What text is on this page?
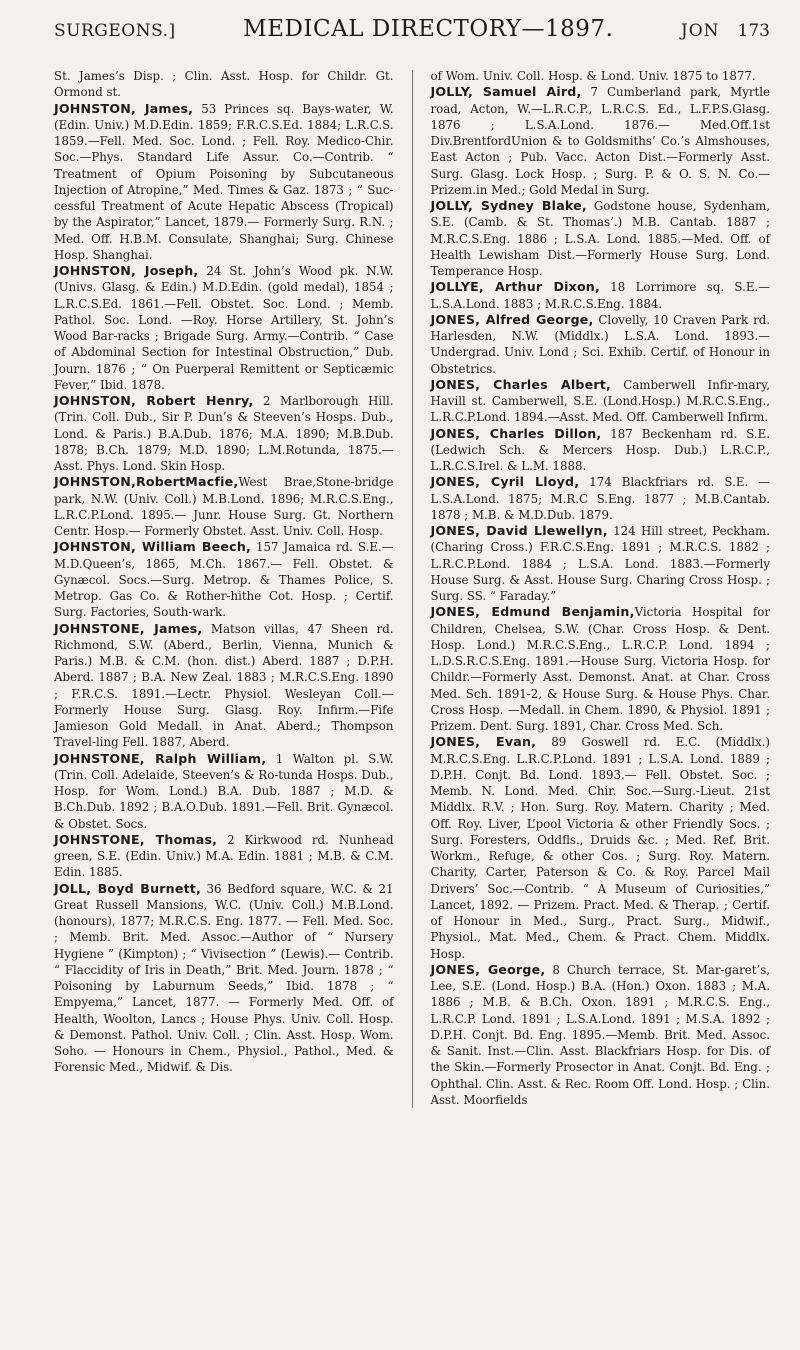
SURGEONS.]	MEDICAL DIRECTORY—1897.	JON 173

St. James’s Disp. ; Clin. Asst. Hosp. for Childr. Gt. Ormond st.

JOHNSTON, James, 53 Princes sq. Bays-water, W. (Edin. Univ.) M.D.Edin. 1859; F.R.C.S.Ed. 1884; L.R.C.S. 1859.—Fell. Med. Soc. Lond. ; Fell. Roy. Medico-Chir. Soc.—Phys. Standard Life Assur. Co.—Contrib. “ Treatment of Opium Poisoning by Subcutaneous Injection of Atropine,” Med. Times & Gaz. 1873 ; “ Suc-cessful Treatment of Acute Hepatic Abscess (Tropical) by the Aspirator,” Lancet, 1879.— Formerly Surg. R.N. ; Med. Off. H.B.M. Consulate, Shanghai; Surg. Chinese Hosp. Shanghai.

JOHNSTON, Joseph, 24 St. John’s Wood pk. N.W. (Univs. Glasg. & Edin.) M.D.Edin. (gold medal), 1854 ; L.R.C.S.Ed. 1861.—Fell. Obstet. Soc. Lond. ; Memb. Pathol. Soc. Lond. —Roy. Horse Artillery, St. John’s Wood Bar-racks ; Brigade Surg. Army.—Contrib. “ Case of Abdominal Section for Intestinal Obstruction,” Dub. Journ. 1876 ; “ On Puerperal Remittent or Septicæmic Fever,” Ibid. 1878.

JOHNSTON, Robert Henry, 2 Marlborough Hill. (Trin. Coll. Dub., Sir P. Dun’s & Steeven’s Hosps. Dub., Lond. & Paris.) B.A.Dub. 1876; M.A. 1890; M.B.Dub. 1878; B.Ch. 1879; M.D. 1890; L.M.Rotunda, 1875.—Asst. Phys. Lond. Skin Hosp.

JOHNSTON,RobertMacfie,West Brae,Stone-bridge park, N.W. (Univ. Coll.) M.B.Lond. 1896; M.R.C.S.Eng., L.R.C.P.Lond. 1895.— Junr. House Surg. Gt. Northern Centr. Hosp.— Formerly Obstet. Asst. Univ. Coll. Hosp.

JOHNSTON, William Beech, 157 Jamaica rd. S.E.—M.D.Queen’s, 1865, M.Ch. 1867.— Fell. Obstet. & Gynæcol. Socs.—Surg. Metrop. & Thames Police, S. Metrop. Gas Co. & Rother-hithe Cot. Hosp. ; Certif. Surg. Factories, South-wark.

JOHNSTONE, James, Matson villas, 47 Sheen rd. Richmond, S.W. (Aberd., Berlin, Vienna, Munich & Paris.) M.B. & C.M. (hon. dist.) Aberd. 1887 ; D.P.H. Aberd. 1887 ; B.A. New Zeal. 1883 ; M.R.C.S.Eng. 1890 ; F.R.C.S. 1891.—Lectr. Physiol. Wesleyan Coll.—Formerly House Surg. Glasg. Roy. Infirm.—Fife Jamieson Gold Medall. in Anat. Aberd.; Thompson Travel-ling Fell. 1887, Aberd.

JOHNSTONE, Ralph William, 1 Walton pl. S.W. (Trin. Coll. Adelaide, Steeven’s & Ro-tunda Hosps. Dub., Hosp. for Wom. Lond.) B.A. Dub. 1887 ; M.D. & B.Ch.Dub. 1892 ; B.A.O.Dub. 1891.—Fell. Brit. Gynæcol. & Obstet. Socs.

JOHNSTONE, Thomas, 2 Kirkwood rd. Nunhead green, S.E. (Edin. Univ.) M.A. Edin. 1881 ; M.B. & C.M. Edin. 1885.

JOLL, Boyd Burnett, 36 Bedford square, W.C. & 21 Great Russell Mansions, W.C. (Univ. Coll.) M.B.Lond. (honours), 1877; M.R.C.S. Eng. 1877. — Fell. Med. Soc. ; Memb. Brit. Med. Assoc.—Author of “ Nursery Hygiene ” (Kimpton) ; “ Vivisection ” (Lewis).— Contrib. “ Flaccidity of Iris in Death,” Brit. Med. Journ. 1878 ; “ Poisoning by Laburnum Seeds,” Ibid. 1878 ; “ Empyema,” Lancet, 1877. — Formerly Med. Off. of Health, Woolton, Lancs ; House Phys. Univ. Coll. Hosp. & Demonst. Pathol. Univ. Coll. ; Clin. Asst. Hosp. Wom. Soho. — Honours in Chem., Physiol., Pathol., Med. & Forensic Med., Midwif. & Dis.

of Wom. Univ. Coll. Hosp. & Lond. Univ. 1875 to 1877.

JOLLY, Samuel Aird, 7 Cumberland park, Myrtle road, Acton, W.—L.R.C.P., L.R.C.S. Ed., L.F.P.S.Glasg. 1876 ; L.S.A.Lond. 1876.— Med.Off.1st Div.BrentfordUnion & to Goldsmiths’ Co.’s Almshouses, East Acton ; Pub. Vacc. Acton Dist.—Formerly Asst. Surg. Glasg. Lock Hosp. ; Surg. P. & O. S. N. Co.—Prizem.in Med.; Gold Medal in Surg.

JOLLY, Sydney Blake, Godstone house, Sydenham, S.E. (Camb. & St. Thomas’.) M.B. Cantab. 1887 ; M.R.C.S.Eng. 1886 ; L.S.A. Lond. 1885.—Med. Off. of Health Lewisham Dist.—Formerly House Surg. Lond. Temperance Hosp.

JOLLYE, Arthur Dixon, 18 Lorrimore sq. S.E.—L.S.A.Lond. 1883 ; M.R.C.S.Eng. 1884.

JONES, Alfred George, Clovelly, 10 Craven Park rd. Harlesden, N.W. (Middlx.) L.S.A. Lond. 1893.—Undergrad. Univ. Lond ; Sci. Exhib. Certif. of Honour in Obstetrics.

JONES, Charles Albert, Camberwell Infir-mary, Havill st. Camberwell, S.E. (Lond.Hosp.) M.R.C.S.Eng., L.R.C.P.Lond. 1894.—Asst. Med. Off. Camberwell Infirm.

JONES, Charles Dillon, 187 Beckenham rd. S.E. (Ledwich Sch. & Mercers Hosp. Dub.) L.R.C.P., L.R.C.S.Irel. & L.M. 1888.

JONES, Cyril Lloyd, 174 Blackfriars rd. S.E. —L.S.A.Lond. 1875; M.R.C S.Eng. 1877 ; M.B.Cantab. 1878 ; M.B. & M.D.Dub. 1879.

JONES, David Llewellyn, 124 Hill street, Peckham. (Charing Cross.) F.R.C.S.Eng. 1891 ; M.R.C.S. 1882 ; L.R.C.P.Lond. 1884 ; L.S.A. Lond. 1883.—Formerly House Surg. & Asst. House Surg. Charing Cross Hosp. ; Surg. SS. “ Faraday.”

JONES, Edmund Benjamin,Victoria Hospital for Children, Chelsea, S.W. (Char. Cross Hosp. & Dent. Hosp. Lond.) M.R.C.S.Eng., L.R.C.P. Lond. 1894 ; L.D.S.R.C.S.Eng. 1891.—House Surg. Victoria Hosp. for Childr.—Formerly Asst. Demonst. Anat. at Char. Cross Med. Sch. 1891-2, & House Surg. & House Phys. Char. Cross Hosp. —Medall. in Chem. 1890, & Physiol. 1891 ; Prizem. Dent. Surg. 1891, Char. Cross Med. Sch.

JONES, Evan, 89 Goswell rd. E.C. (Middlx.) M.R.C.S.Eng. L.R.C.P.Lond. 1891 ; L.S.A. Lond. 1889 ; D.P.H. Conjt. Bd. Lond. 1893.— Fell. Obstet. Soc. ; Memb. N. Lond. Med. Chir. Soc.—Surg.-Lieut. 21st Middlx. R.V. ; Hon. Surg. Roy. Matern. Charity ; Med. Off. Roy. Liver, L’pool Victoria & other Friendly Socs. ; Surg. Foresters, Oddfls., Druids &c. ; Med. Ref. Brit. Workm., Refuge, & other Cos. ; Surg. Roy. Matern. Charity, Carter, Paterson & Co. & Roy. Parcel Mail Drivers’ Soc.—Contrib. “ A Museum of Curiosities,” Lancet, 1892. — Prizem. Pract. Med. & Therap. ; Certif. of Honour in Med., Surg., Pract. Surg., Midwif., Physiol., Mat. Med., Chem. & Pract. Chem. Middlx. Hosp.

JONES, George, 8 Church terrace, St. Mar-garet’s, Lee, S.E. (Lond. Hosp.) B.A. (Hon.) Oxon. 1883 ; M.A. 1886 ; M.B. & B.Ch. Oxon. 1891 ; M.R.C.S. Eng., L.R.C.P. Lond. 1891 ; L.S.A.Lond. 1891 ; M.S.A. 1892 ; D.P.H. Conjt. Bd. Eng. 1895.—Memb. Brit. Med. Assoc. & Sanit. Inst.—Clin. Asst. Blackfriars Hosp. for Dis. of the Skin.—Formerly Prosector in Anat. Conjt. Bd. Eng. ; Ophthal. Clin. Asst. & Rec. Room Off. Lond. Hosp. ; Clin. Asst. Moorfields
